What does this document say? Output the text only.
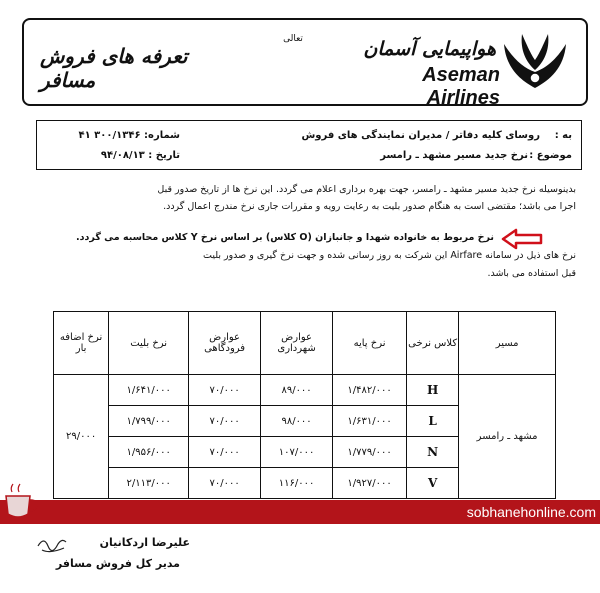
هواپیمایی آسمان
Aseman Airlines
تعالی
تعرفه های فروش مسافر
به :
روسای کلیه دفاتر / مدیران نمایندگی های فروش
موضوع :
نرخ جدید مسیر مشهد ـ رامسر
شماره: ۳۰۰/۱۳۴۶ ۴۱
تاریخ : ۹۴/۰۸/۱۳
بدینوسیله نرخ جدید مسیر مشهد ـ رامسر، جهت بهره برداری اعلام می گردد. این نرخ ها از تاریخ صدور قبل
اجرا می باشد؛ مقتضی است به هنگام صدور بلیت به رعایت رویه و مقررات جاری نرخ مندرج اعمال گردد.
نرخ مربوط به خانواده شهدا و جانبازان (O کلاس) بر اساس نرخ Y کلاس محاسبه می گردد.
نرخ های ذیل در سامانه Airfare این شرکت به روز رسانی شده و جهت نرخ گیری و صدور بلیت
قبل استفاده می باشد.
نرخ اضافه بار	نرخ بلیت	عوارض فرودگاهی	عوارض شهرداری	نرخ پایه	کلاس نرخی	مسیر
۲۹/۰۰۰	۱/۶۴۱/۰۰۰	۷۰/۰۰۰	۸۹/۰۰۰	۱/۴۸۲/۰۰۰	H	مشهد ـ رامسر
	۱/۷۹۹/۰۰۰	۷۰/۰۰۰	۹۸/۰۰۰	۱/۶۳۱/۰۰۰	L	
	۱/۹۵۶/۰۰۰	۷۰/۰۰۰	۱۰۷/۰۰۰	۱/۷۷۹/۰۰۰	N	
	۲/۱۱۳/۰۰۰	۷۰/۰۰۰	۱۱۶/۰۰۰	۱/۹۲۷/۰۰۰	V	
sobhanehonline.com
علیرضا اردکانیان
مدیر کل فروش مسافر
